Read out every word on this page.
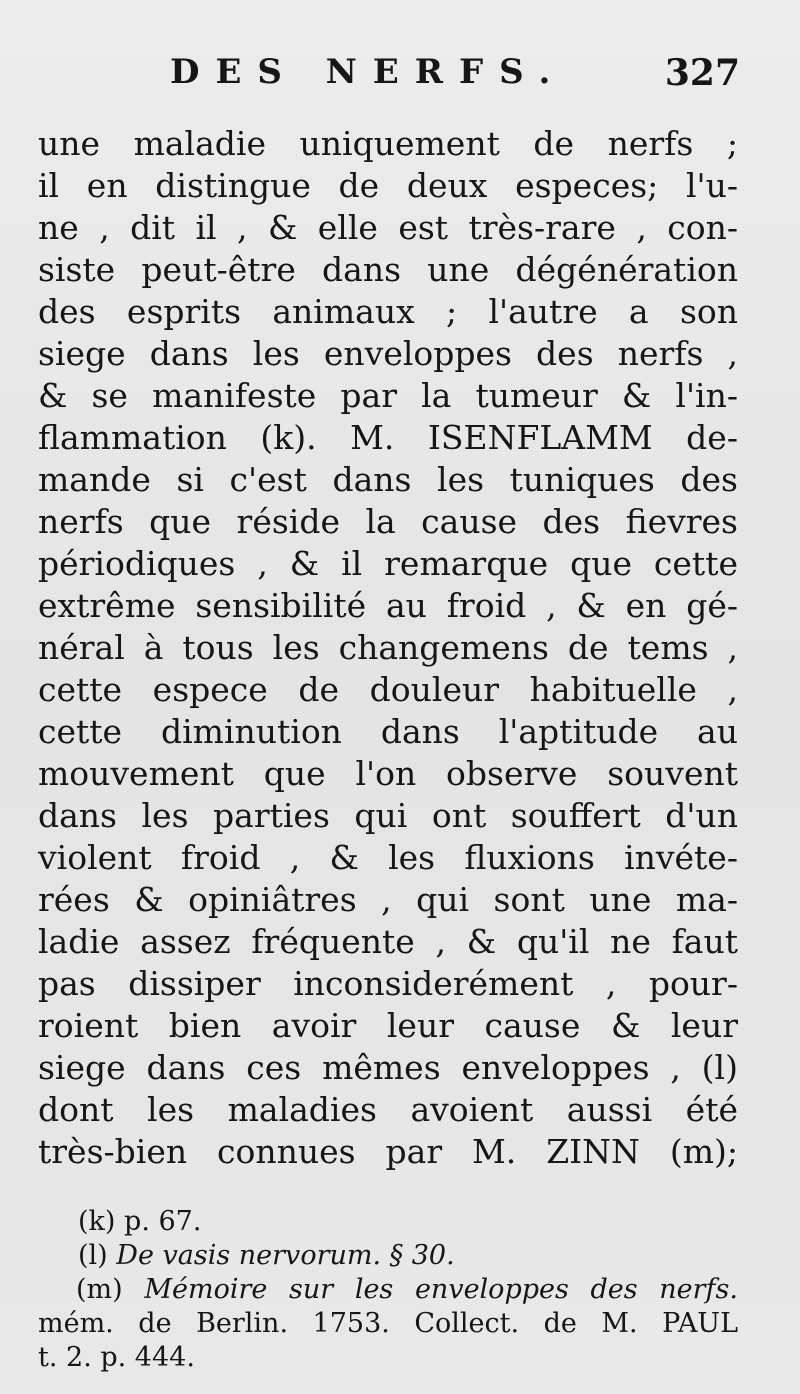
DES NERFS.	327
une maladie uniquement de nerfs ;
il en distingue de deux especes; l'u-
ne , dit il , & elle est très-rare , con-
siste peut-être dans une dégénération
des esprits animaux ; l'autre a son
siege dans les enveloppes des nerfs ,
& se manifeste par la tumeur & l'in-
flammation (k). M. ISENFLAMM de-
mande si c'est dans les tuniques des
nerfs que réside la cause des fievres
périodiques , & il remarque que cette
extrême sensibilité au froid , & en gé-
néral à tous les changemens de tems ,
cette espece de douleur habituelle ,
cette diminution dans l'aptitude au
mouvement que l'on observe souvent
dans les parties qui ont souffert d'un
violent froid , & les fluxions invéte-
rées & opiniâtres , qui sont une ma-
ladie assez fréquente , & qu'il ne faut
pas dissiper inconsiderément , pour-
roient bien avoir leur cause & leur
siege dans ces mêmes enveloppes , (l)
dont les maladies avoient aussi été
très-bien connues par M. ZINN (m);
(k) p. 67.
(l) De vasis nervorum. § 30.
(m) Mémoire sur les enveloppes des nerfs.
mém. de Berlin. 1753. Collect. de M. PAUL
t. 2. p. 444.
